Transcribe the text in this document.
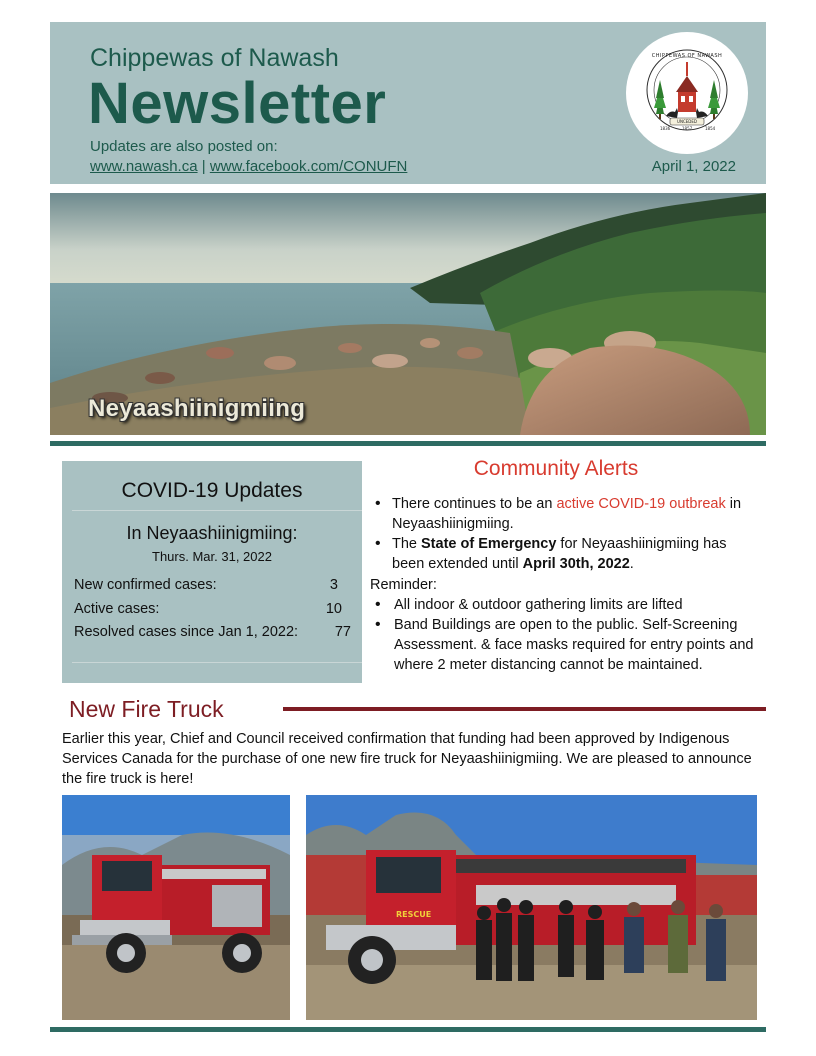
Chippewas of Nawash
Newsletter
Updates are also posted on:
www.nawash.ca | www.facebook.com/CONUFN	April 1, 2022
CHIPPEWAS OF NAWASH
UNCEDED
1836	1857	1854
Neyaashiinigmiing
COVID-19 Updates
In Neyaashiinigmiing:
Thurs. Mar. 31, 2022
New confirmed cases:	3
Active cases:	10
Resolved cases since Jan 1, 2022:	77
Community Alerts
• There continues to be an active COVID-19 outbreak in Neyaashiinigmiing.
• The State of Emergency for Neyaashiinigmiing has been extended until April 30th, 2022.
Reminder:
• All indoor & outdoor gathering limits are lifted
• Band Buildings are open to the public. Self-Screening Assessment. & face masks required for entry points and where 2 meter distancing cannot be maintained.
New Fire Truck
Earlier this year, Chief and Council received confirmation that funding had been approved by Indigenous Services Canada for the purchase of one new fire truck for Neyaashiinigmiing. We are pleased to announce the fire truck is here!
RESCUE
